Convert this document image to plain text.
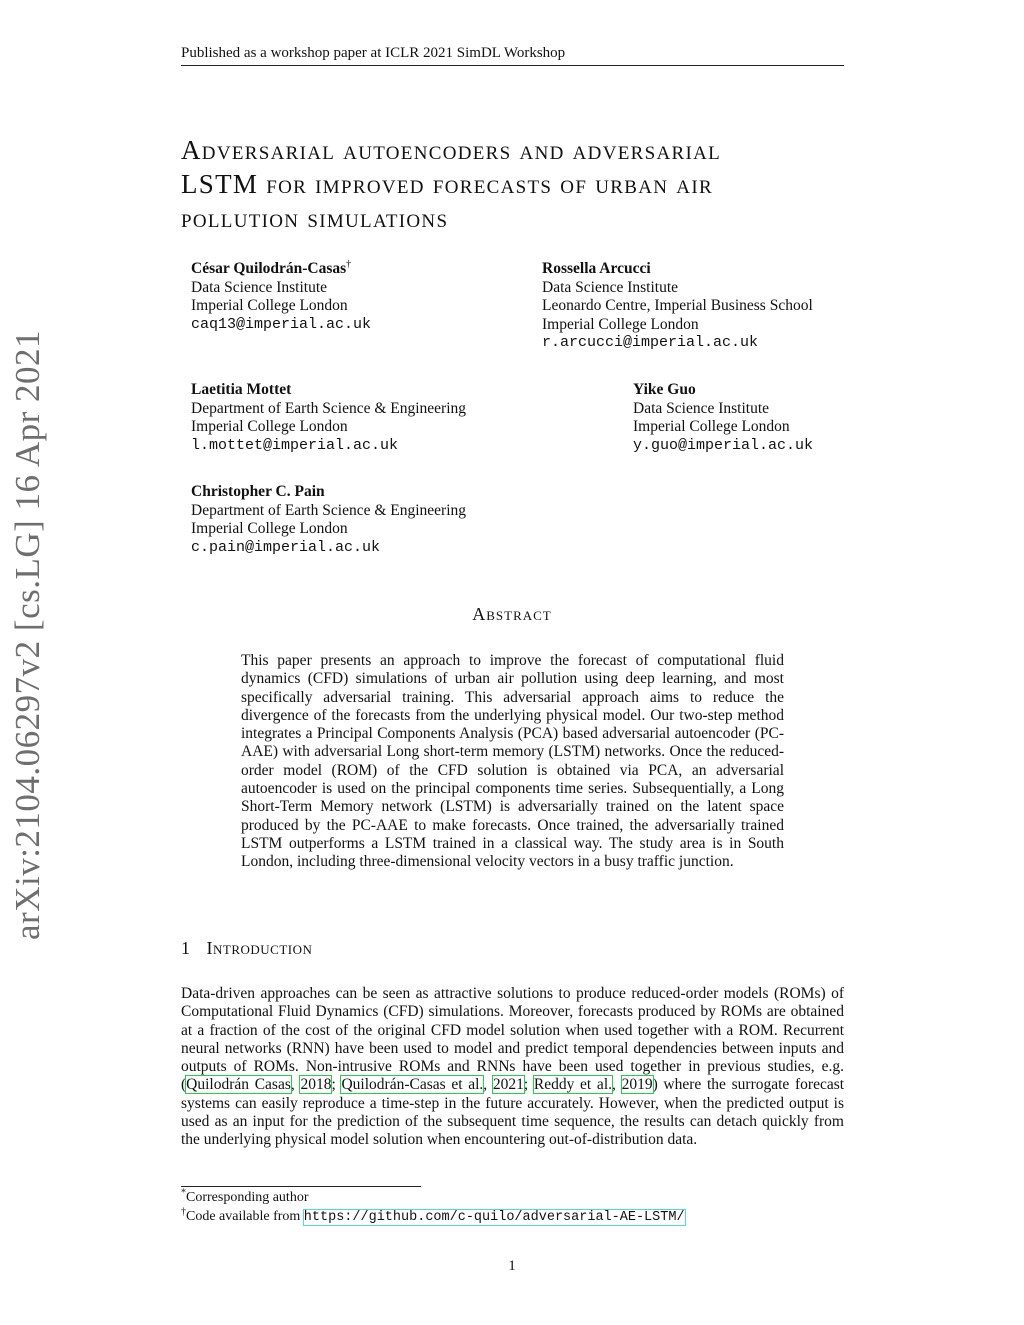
Published as a workshop paper at ICLR 2021 SimDL Workshop
Adversarial autoencoders and adversarial
LSTM for improved forecasts of urban air
pollution simulations
arXiv:2104.06297v2 [cs.LG] 16 Apr 2021
César Quilodrán-Casas†
Data Science Institute
Imperial College London
caq13@imperial.ac.uk
Rossella Arcucci
Data Science Institute
Leonardo Centre, Imperial Business School
Imperial College London
r.arcucci@imperial.ac.uk
Laetitia Mottet
Department of Earth Science & Engineering
Imperial College London
l.mottet@imperial.ac.uk
Yike Guo
Data Science Institute
Imperial College London
y.guo@imperial.ac.uk
Christopher C. Pain
Department of Earth Science & Engineering
Imperial College London
c.pain@imperial.ac.uk
Abstract
This paper presents an approach to improve the forecast of computational fluid dynamics (CFD) simulations of urban air pollution using deep learning, and most specifically adversarial training. This adversarial approach aims to reduce the divergence of the forecasts from the underlying physical model. Our two-step method integrates a Principal Components Analysis (PCA) based adversarial autoencoder (PC-AAE) with adversarial Long short-term memory (LSTM) networks. Once the reduced-order model (ROM) of the CFD solution is obtained via PCA, an adversarial autoencoder is used on the principal components time series. Subsequentially, a Long Short-Term Memory network (LSTM) is adversarially trained on the latent space produced by the PC-AAE to make forecasts. Once trained, the adversarially trained LSTM outperforms a LSTM trained in a classical way. The study area is in South London, including three-dimensional velocity vectors in a busy traffic junction.
1 Introduction
Data-driven approaches can be seen as attractive solutions to produce reduced-order models (ROMs) of Computational Fluid Dynamics (CFD) simulations. Moreover, forecasts produced by ROMs are obtained at a fraction of the cost of the original CFD model solution when used together with a ROM. Recurrent neural networks (RNN) have been used to model and predict temporal dependencies between inputs and outputs of ROMs. Non-intrusive ROMs and RNNs have been used together in previous studies, e.g. (Quilodrán Casas, 2018; Quilodrán-Casas et al., 2021; Reddy et al., 2019) where the surrogate forecast systems can easily reproduce a time-step in the future accurately. However, when the predicted output is used as an input for the prediction of the subsequent time sequence, the results can detach quickly from the underlying physical model solution when encountering out-of-distribution data.
*Corresponding author
†Code available from https://github.com/c-quilo/adversarial-AE-LSTM/
1
